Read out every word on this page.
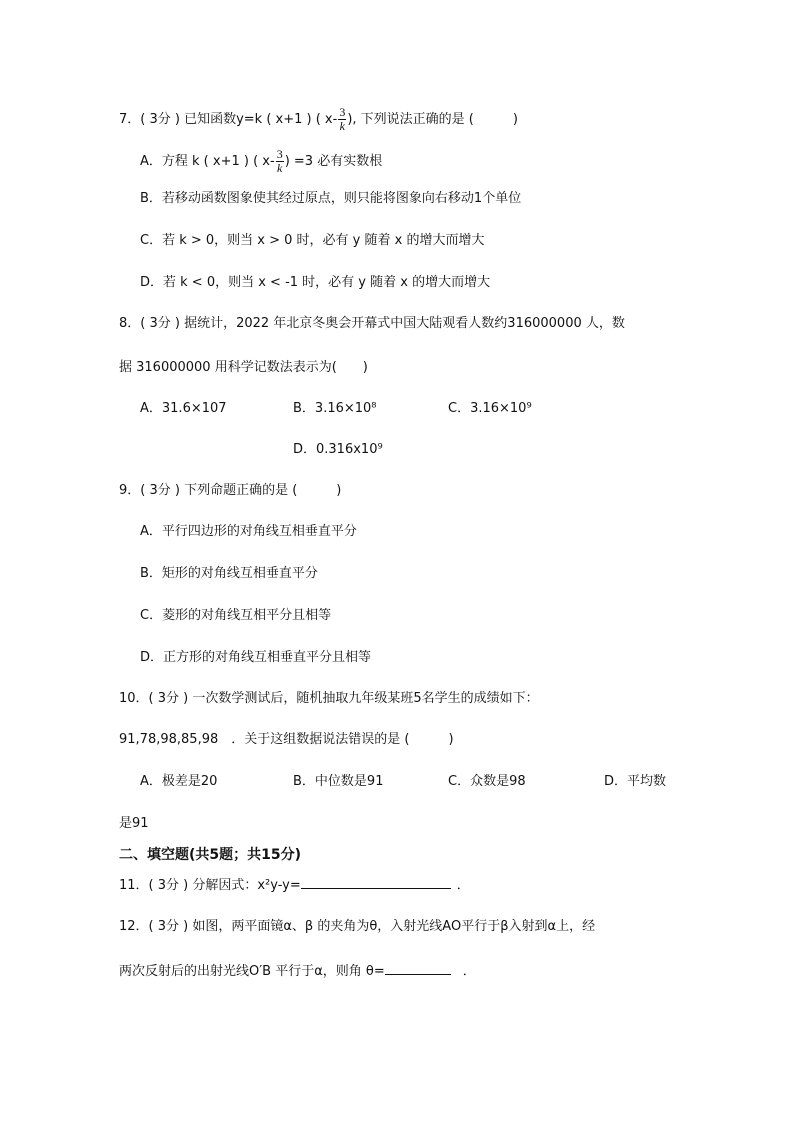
7．( 3分 ) 已知函数y=k ( x+1 ) ( $x- \frac{3}{k}$ ), 下列说法正确的是 (　　　)
A．方程 k ( x+1 ) ( $x- \frac{3}{k}$ ) =3 必有实数根
B．若移动函数图象使其经过原点，则只能将图象向右移动1个单位
C．若 k > 0，则当 x > 0 时，必有 y 随着 x 的增大而增大
D．若 k < 0，则当 x < -1 时，必有 y 随着 x 的增大而增大
8．( 3分 ) 据统计，2022 年北京冬奥会开幕式中国大陆观看人数约316000000 人，数
据 316000000 用科学记数法表示为(　　)
A．31.6×107	B．3.16×10⁸	C．3.16×10⁹
D．0.316x10⁹
9．( 3分 ) 下列命题正确的是 (　　　)
A．平行四边形的对角线互相垂直平分
B．矩形的对角线互相垂直平分
C．菱形的对角线互相平分且相等
D．正方形的对角线互相垂直平分且相等
10．( 3分 ) 一次数学测试后，随机抽取九年级某班5名学生的成绩如下：
91,78,98,85,98　．关于这组数据说法错误的是 (　　　)
A．极差是20	B．中位数是91	C．众数是98	D．平均数
是91
二、填空题(共5题；共15分)
11．( 3分 ) 分解因式：x²y-y=	．
12．( 3分 ) 如图，两平面镜α、β 的夹角为θ，入射光线AO平行于β入射到α上，经
两次反射后的出射光线O′B 平行于α，则角 θ=	．
